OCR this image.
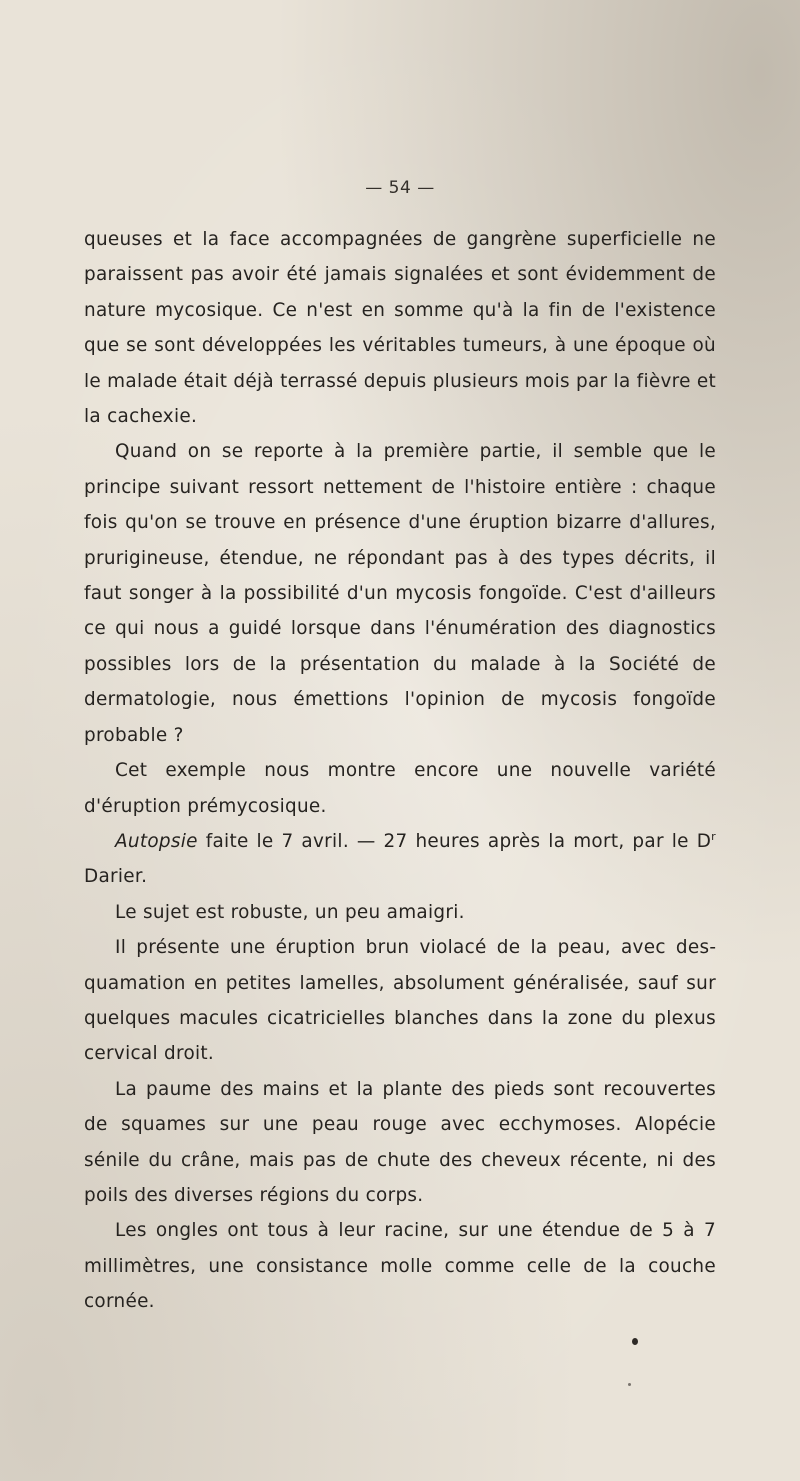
— 54 —

queuses et la face accompagnées de gangrène superficielle ne paraissent pas avoir été jamais signalées et sont évidemment de nature mycosique. Ce n'est en somme qu'à la fin de l'existence que se sont développées les véritables tumeurs, à une époque où le malade était déjà terrassé depuis plusieurs mois par la fièvre et la cachexie.

Quand on se reporte à la première partie, il semble que le principe suivant ressort nettement de l'histoire entière : chaque fois qu'on se trouve en présence d'une éruption bizarre d'allures, prurigineuse, étendue, ne répondant pas à des types décrits, il faut songer à la possibilité d'un mycosis fongoïde. C'est d'ailleurs ce qui nous a guidé lorsque dans l'énumération des diagnostics possibles lors de la présentation du malade à la Société de dermatologie, nous émettions l'opinion de mycosis fongoïde probable ?

Cet exemple nous montre encore une nouvelle variété d'éruption prémycosique.

Autopsie faite le 7 avril. — 27 heures après la mort, par le $D^r$ Darier.

Le sujet est robuste, un peu amaigri.

Il présente une éruption brun violacé de la peau, avec desquamation en petites lamelles, absolument généralisée, sauf sur quelques macules cicatricielles blanches dans la zone du plexus cervical droit.

La paume des mains et la plante des pieds sont recouvertes de squames sur une peau rouge avec ecchymoses. Alopécie sénile du crâne, mais pas de chute des cheveux récente, ni des poils des diverses régions du corps.

Les ongles ont tous à leur racine, sur une étendue de 5 à 7 millimètres, une consistance molle comme celle de la couche cornée.
